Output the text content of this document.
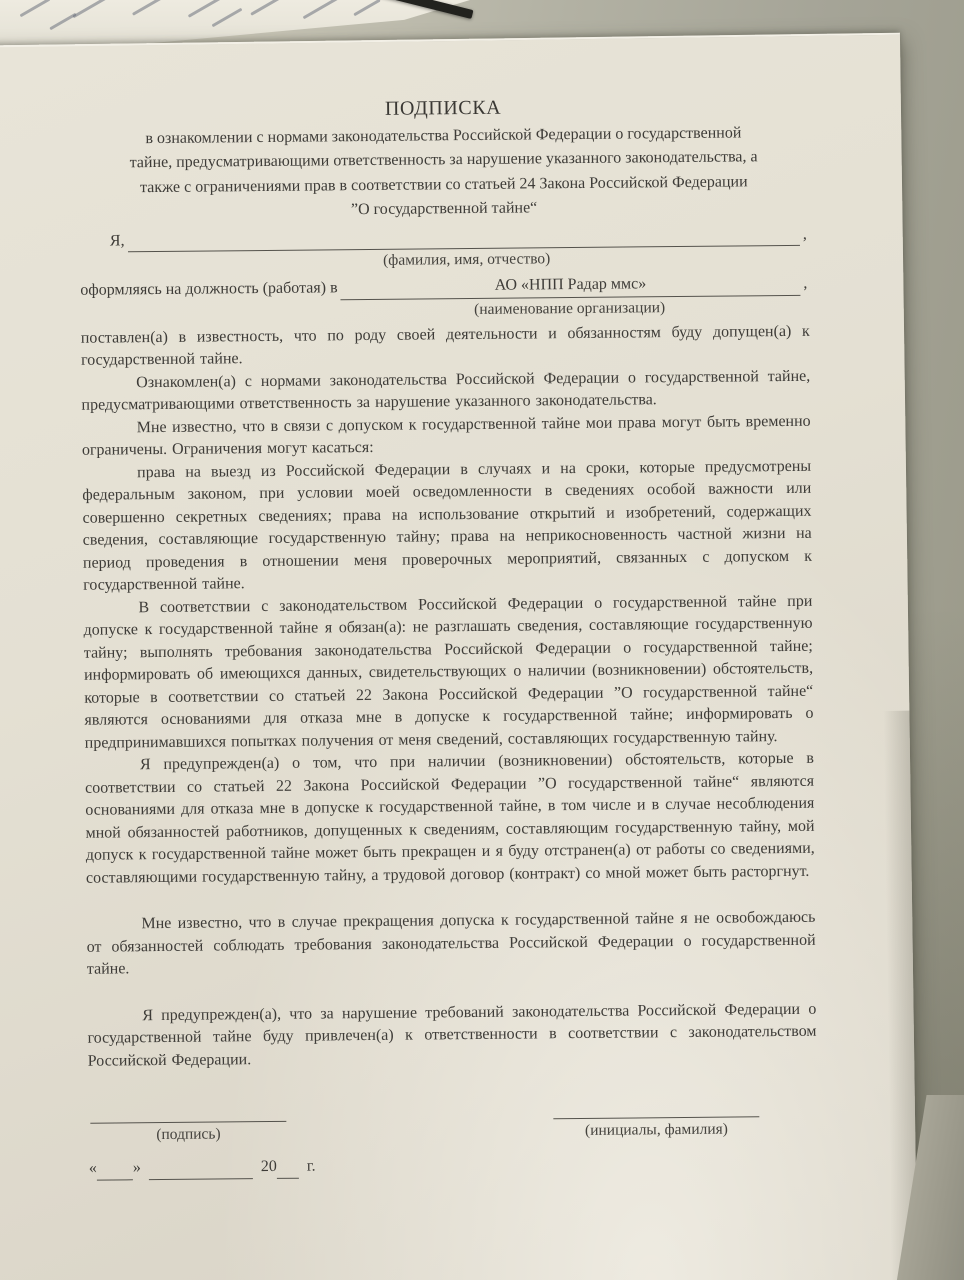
ПОДПИСКА
в ознакомлении с нормами законодательства Российской Федерации о государственной
тайне, предусматривающими ответственность за нарушение указанного законодательства, а
также с ограничениями прав в соответствии со статьей 24 Закона Российской Федерации
”О государственной тайне“
Я,	,
(фамилия, имя, отчество)
оформляясь на должность (работая) в	АО «НПП Радар ммс»	,
(наименование организации)

поставлен(а) в известность, что по роду своей деятельности и обязанностям буду допущен(а) к государственной тайне.

Ознакомлен(а) с нормами законодательства Российской Федерации о государственной тайне, предусматривающими ответственность за нарушение указанного законодательства.

Мне известно, что в связи с допуском к государственной тайне мои права могут быть временно ограничены. Ограничения могут касаться:

права на выезд из Российской Федерации в случаях и на сроки, которые предусмотрены федеральным законом, при условии моей осведомленности в сведениях особой важности или совершенно секретных сведениях; права на использование открытий и изобретений, содержащих сведения, составляющие государственную тайну; права на неприкосновенность частной жизни на период проведения в отношении меня проверочных мероприятий, связанных с допуском к государственной тайне.

В соответствии с законодательством Российской Федерации о государственной тайне при допуске к государственной тайне я обязан(а): не разглашать сведения, составляющие государственную тайну; выполнять требования законодательства Российской Федерации о государственной тайне; информировать об имеющихся данных, свидетельствующих о наличии (возникновении) обстоятельств, которые в соответствии со статьей 22 Закона Российской Федерации ”О государственной тайне“ являются основаниями для отказа мне в допуске к государственной тайне; информировать о предпринимавшихся попытках получения от меня сведений, составляющих государственную тайну.

Я предупрежден(а) о том, что при наличии (возникновении) обстоятельств, которые в соответствии со статьей 22 Закона Российской Федерации ”О государственной тайне“ являются основаниями для отказа мне в допуске к государственной тайне, в том числе и в случае несоблюдения мной обязанностей работников, допущенных к сведениям, составляющим государственную тайну, мой допуск к государственной тайне может быть прекращен и я буду отстранен(а) от работы со сведениями, составляющими государственную тайну, а трудовой договор (контракт) со мной может быть расторгнут.

Мне известно, что в случае прекращения допуска к государственной тайне я не освобождаюсь от обязанностей соблюдать требования законодательства Российской Федерации о государственной тайне.

Я предупрежден(а), что за нарушение требований законодательства Российской Федерации о государственной тайне буду привлечен(а) к ответственности в соответствии с законодательством Российской Федерации.

(подпись)	(инициалы, фамилия)
« »	20 г.
